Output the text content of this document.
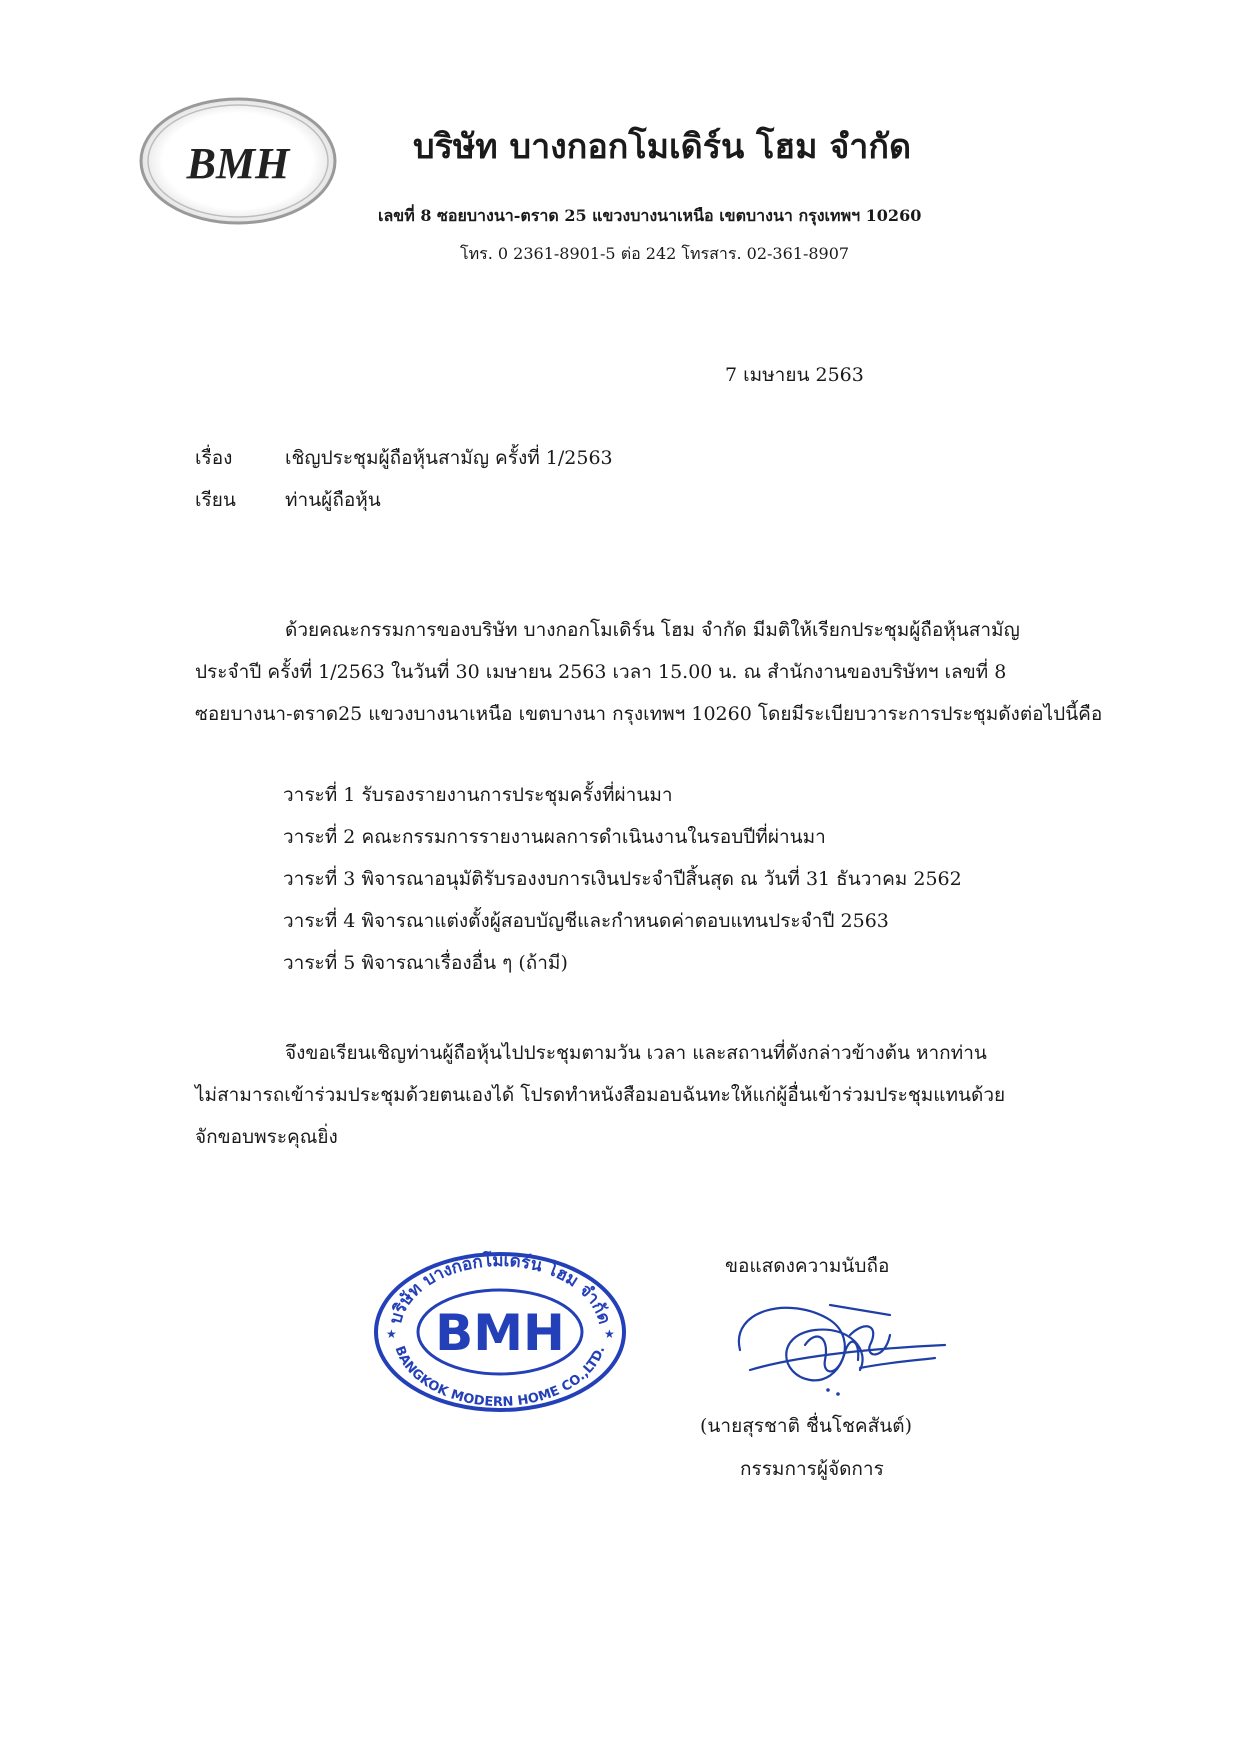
BMH	บริษัท บางกอกโมเดิร์น โฮม จำกัด
เลขที่ 8 ซอยบางนา-ตราด 25 แขวงบางนาเหนือ เขตบางนา กรุงเทพฯ 10260
โทร. 0 2361-8901-5 ต่อ 242 โทรสาร. 02-361-8907
7 เมษายน 2563
เรื่อง	เชิญประชุมผู้ถือหุ้นสามัญ ครั้งที่ 1/2563
เรียน	ท่านผู้ถือหุ้น
ด้วยคณะกรรมการของบริษัท บางกอกโมเดิร์น โฮม จำกัด มีมติให้เรียกประชุมผู้ถือหุ้นสามัญ
ประจำปี ครั้งที่ 1/2563 ในวันที่ 30 เมษายน 2563 เวลา 15.00 น. ณ สำนักงานของบริษัทฯ เลขที่ 8
ซอยบางนา-ตราด25 แขวงบางนาเหนือ เขตบางนา กรุงเทพฯ 10260 โดยมีระเบียบวาระการประชุมดังต่อไปนี้คือ
วาระที่ 1 รับรองรายงานการประชุมครั้งที่ผ่านมา
วาระที่ 2 คณะกรรมการรายงานผลการดำเนินงานในรอบปีที่ผ่านมา
วาระที่ 3 พิจารณาอนุมัติรับรองงบการเงินประจำปีสิ้นสุด ณ วันที่ 31 ธันวาคม 2562
วาระที่ 4 พิจารณาแต่งตั้งผู้สอบบัญชีและกำหนดค่าตอบแทนประจำปี 2563
วาระที่ 5 พิจารณาเรื่องอื่น ๆ (ถ้ามี)
จึงขอเรียนเชิญท่านผู้ถือหุ้นไปประชุมตามวัน เวลา และสถานที่ดังกล่าวข้างต้น หากท่าน
ไม่สามารถเข้าร่วมประชุมด้วยตนเองได้ โปรดทำหนังสือมอบฉันทะให้แก่ผู้อื่นเข้าร่วมประชุมแทนด้วย
จักขอบพระคุณยิ่ง
ขอแสดงความนับถือ
บริษัท บางกอกโมเดิร์น โฮม จำกัด
BMH
BANGKOK MODERN HOME CO.,LTD.
★	★
(นายสุรชาติ ชื่นโชคสันต์)
กรรมการผู้จัดการ
